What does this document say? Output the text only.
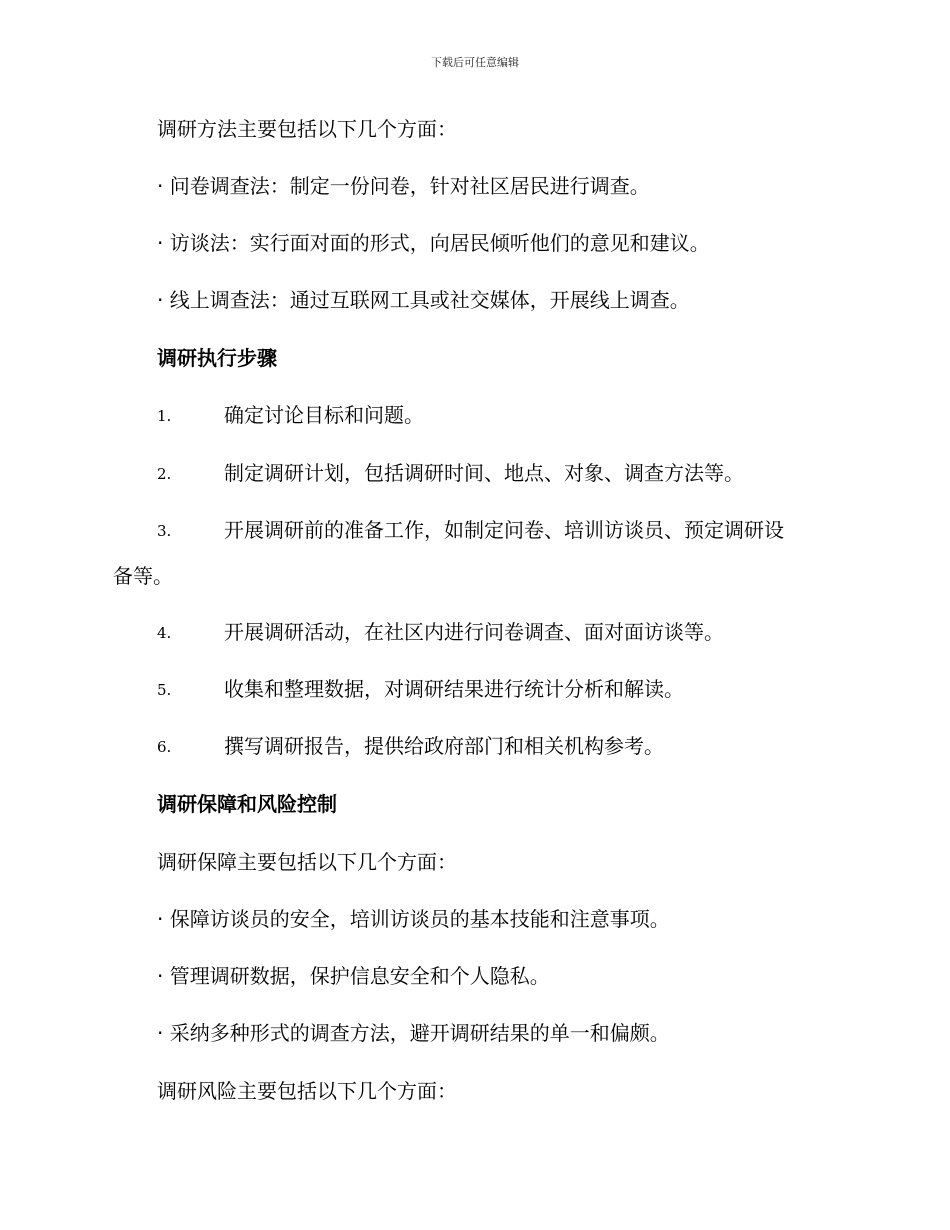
下载后可任意编辑
调研方法主要包括以下几个方面：
· 问卷调查法：制定一份问卷，针对社区居民进行调查。
· 访谈法：实行面对面的形式，向居民倾听他们的意见和建议。
· 线上调查法：通过互联网工具或社交媒体，开展线上调查。
调研执行步骤
1.	确定讨论目标和问题。
2.	制定调研计划，包括调研时间、地点、对象、调查方法等。
3.	开展调研前的准备工作，如制定问卷、培训访谈员、预定调研设
备等。
4.	开展调研活动，在社区内进行问卷调查、面对面访谈等。
5.	收集和整理数据，对调研结果进行统计分析和解读。
6.	撰写调研报告，提供给政府部门和相关机构参考。
调研保障和风险控制
调研保障主要包括以下几个方面：
· 保障访谈员的安全，培训访谈员的基本技能和注意事项。
· 管理调研数据，保护信息安全和个人隐私。
· 采纳多种形式的调查方法，避开调研结果的单一和偏颇。
调研风险主要包括以下几个方面：
